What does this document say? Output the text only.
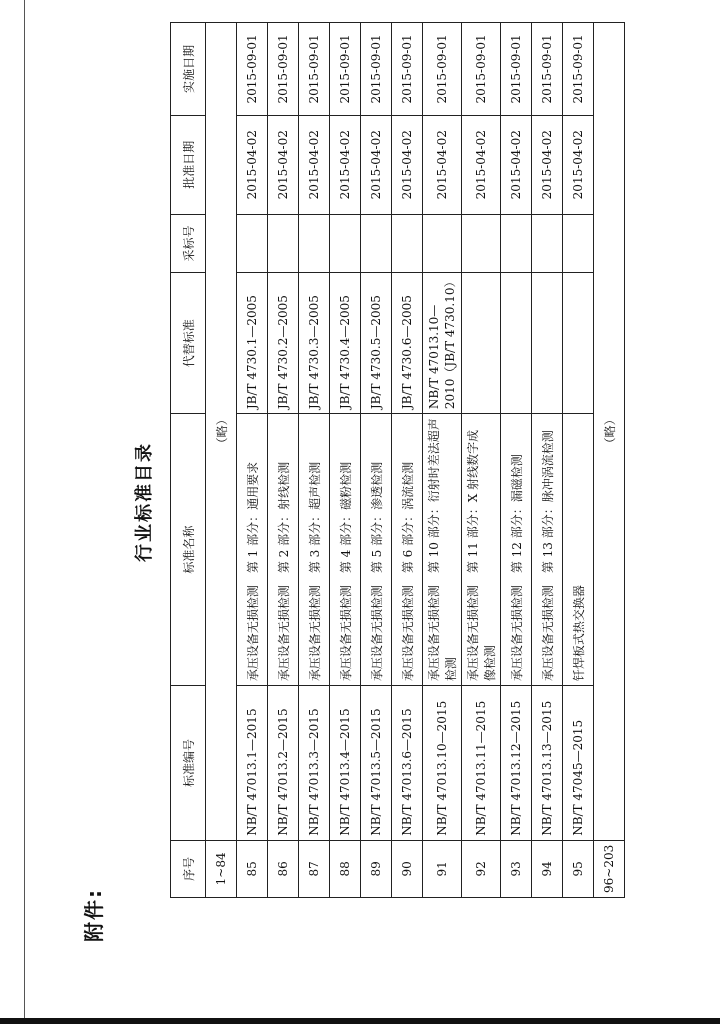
附件:
行业标准目录
序号	标准编号	标准名称	代替标准	采标号	批准日期	实施日期
1~84	（略）					
85	NB/T 47013.1—2015	承压设备无损检测　第 1 部分：通用要求	JB/T 4730.1—2005		2015-04-02	2015-09-01
86	NB/T 47013.2—2015	承压设备无损检测　第 2 部分：射线检测	JB/T 4730.2—2005		2015-04-02	2015-09-01
87	NB/T 47013.3—2015	承压设备无损检测　第 3 部分：超声检测	JB/T 4730.3—2005		2015-04-02	2015-09-01
88	NB/T 47013.4—2015	承压设备无损检测　第 4 部分：磁粉检测	JB/T 4730.4—2005		2015-04-02	2015-09-01
89	NB/T 47013.5—2015	承压设备无损检测　第 5 部分：渗透检测	JB/T 4730.5—2005		2015-04-02	2015-09-01
90	NB/T 47013.6—2015	承压设备无损检测　第 6 部分：涡流检测	JB/T 4730.6—2005		2015-04-02	2015-09-01
91	NB/T 47013.10—2015	承压设备无损检测　第 10 部分：衍射时差法超声检测	NB/T 47013.10—2010（JB/T 4730.10）		2015-04-02	2015-09-01
92	NB/T 47013.11—2015	承压设备无损检测　第 11 部分：X 射线数字成像检测			2015-04-02	2015-09-01
93	NB/T 47013.12—2015	承压设备无损检测　第 12 部分：漏磁检测			2015-04-02	2015-09-01
94	NB/T 47013.13—2015	承压设备无损检测　第 13 部分：脉冲涡流检测			2015-04-02	2015-09-01
95	NB/T 47045—2015	钎焊板式热交换器			2015-04-02	2015-09-01
96~203	（略）					
